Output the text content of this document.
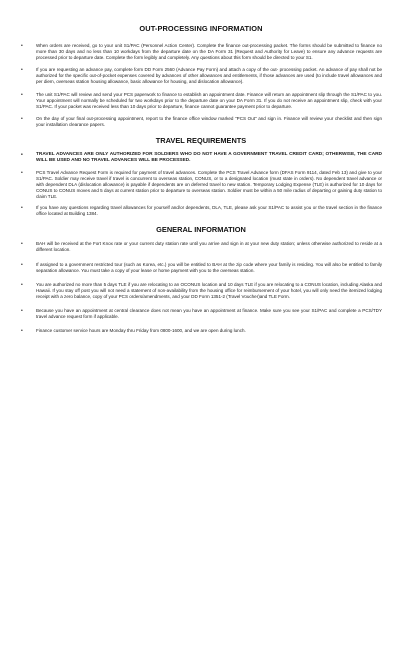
OUT-PROCESSING INFORMATION
•	When orders are received, go to your unit S1/PAC (Personnel Action Center). Complete the finance out-processing packet. The forms should be submitted to finance no more than 30 days and no less than 10 workdays from the departure date on the DA Form 31 (Request and Authority for Leave) to ensure any advance requests are processed prior to departure date. Complete the form legibly and completely. Any questions about this form should be directed to your S1.
•	If you are requesting an advance pay, complete form DD Form 2560 (Advance Pay Form) and attach a copy of the out- processing packet. An advance of pay shall not be authorized for the specific out-of-pocket expenses covered by advances of other allowances and entitlements, if those advances are used (to include travel allowances and per diem, overseas station housing allowance, basic allowance for housing, and dislocation allowance).
•	The unit S1/PAC will review and send your PCS paperwork to finance to establish an appointment date. Finance will return an appointment slip through the S1/PAC to you. Your appointment will normally be scheduled for two workdays prior to the departure date on your DA Form 31. If you do not receive an appointment slip, check with your S1/PAC. If your packet was received less than 10 days prior to departure, finance cannot guarantee payment prior to departure.
•	On the day of your final out-processing appointment, report to the finance office window marked "PCS Out" and sign in. Finance will review your checklist and then sign your installation clearance papers.
TRAVEL REQUIREMENTS
•	TRAVEL ADVANCES ARE ONLY AUTHORIZED FOR SOLDIERS WHO DO NOT HAVE A GOVERNMENT TRAVEL CREDIT CARD; OTHERWISE, THE CARD WILL BE USED AND NO TRAVEL ADVANCES WILL BE PROCESSED.
•	PCS Travel Advance Request Form is required for payment of travel advances. Complete the PCS Travel Advance form (DFAS Form 9114, dated Feb 13) and give to your S1/PAC. Soldier may receive travel if travel is concurrent to overseas station, CONUS, or to a designated location (must state in orders). No dependent travel advance or with dependent DLA (dislocation allowance) is payable if dependents are on deferred travel to new station. Temporary Lodging Expense (TLE) is authorized for 10 days for CONUS to CONUS moves and 5 days at current station prior to departure to overseas station. Soldier must be within a 50 mile radius of departing or gaining duty station to claim TLE.
•	If you have any questions regarding travel allowances for yourself and/or dependents, DLA, TLE, please ask your S1/PAC to assist you or the travel section in the finance office located at Building 1384.
GENERAL INFORMATION
•	BAH will be received at the Fort Knox rate or your current duty station rate until you arrive and sign in at your new duty station; unless otherwise authorized to reside at a different location.
•	If assigned to a government restricted tour (such as Korea, etc.) you will be entitled to BAH at the zip code where your family is residing. You will also be entitled to family separation allowance. You must take a copy of your lease or home payment with you to the overseas station.
•	You are authorized no more than 5 days TLE if you are relocating to an OCONUS location and 10 days TLE if you are relocating to a CONUS location, including Alaska and Hawaii. If you stay off post you will not need a statement of non-availability from the housing office for reimbursement of your hotel, you will only need the itemized lodging receipt with a zero balance, copy of your PCS orders/amendments, and your DD Form 1351-2 (Travel Voucher)and TLE Form.
•	Because you have an appointment at central clearance does not mean you have an appointment at finance. Make sure you see your S1/PAC and complete a PCS/TDY travel advance request form if applicable.
•	Finance customer service hours are Monday thru Friday from 0800-1600, and we are open during lunch.
